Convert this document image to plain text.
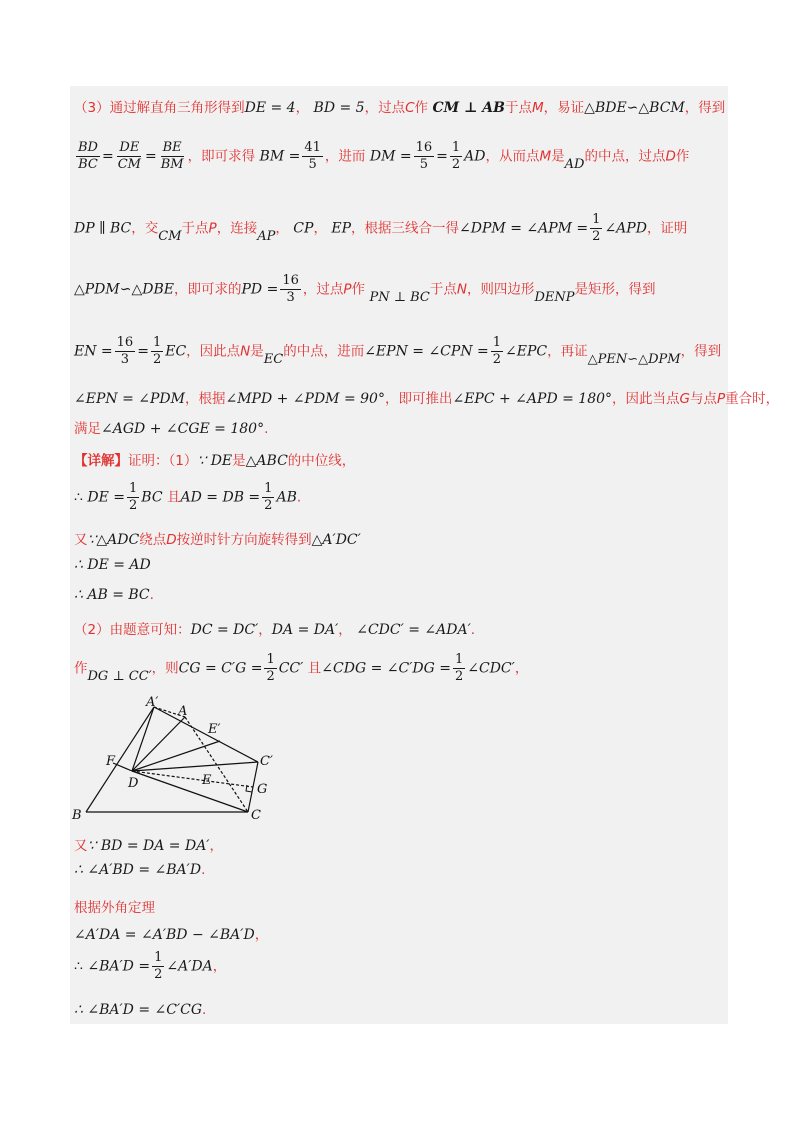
（3）通过解直角三角形得到DE = 4， BD = 5，过点C作 CM ⊥ AB于点M，易证△BDE∽△BCM，得到
$\frac{BD}{BC} = \frac{DE}{CM} = \frac{BE}{BM}$ ，即可求得 BM = $\frac{41}{5}$ ，进而 DM = $\frac{16}{5} = \frac{1}{2}$ AD，从而点M是AD的中点，过点D作
DP ∥ BC，交CM于点P，连接AP， CP， EP，根据三线合一得∠DPM = ∠APM = $\frac{1}{2}$ ∠APD，证明
△PDM∽△DBE，即可求的PD = $\frac{16}{3}$ ，过点P作 PN ⊥ BC于点N，则四边形DENP是矩形，得到
EN = $\frac{16}{3} = \frac{1}{2}$ EC，因此点N是EC的中点，进而∠EPN = ∠CPN = $\frac{1}{2}$ ∠EPC，再证△PEN∽△DPM，得到
∠EPN = ∠PDM，根据∠MPD + ∠PDM = 90°，即可推出∠EPC + ∠APD = 180°，因此当点G与点P重合时，
满足∠AGD + ∠CGE = 180°.
【详解】证明：（1）∵ DE是△ABC的中位线，
∴ DE = $\frac{1}{2}$ BC 且AD = DB = $\frac{1}{2}$ AB.
又∵△ADC绕点D按逆时针方向旋转得到△A′DC′
∴ DE = AD
∴ AB = BC.
（2）由题意可知：DC = DC′，DA = DA′， ∠CDC′ = ∠ADA′.
作DG ⊥ CC′，则CG = $C'G = \frac{1}{2} CC'$ 且∠CDG = ∠C′DG = $\frac{1}{2}$ ∠CDC′，
A′
A
E′
F
D	E
C′
G
B	C
又∵ BD = DA = DA′，
∴ ∠A′BD = ∠BA′D.
根据外角定理
∠A′DA = ∠A′BD − ∠BA′D，
∴ ∠BA′D = $\frac{1}{2}$ ∠A′DA，
∴ ∠BA′D = ∠C′CG.
